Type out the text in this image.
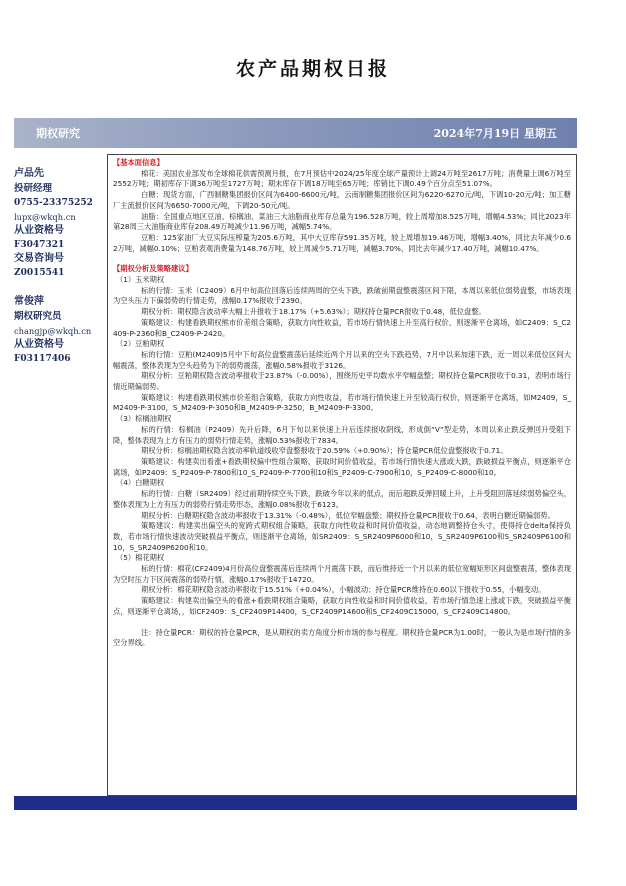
农产品期权日报
期权研究	2024年7月19日 星期五
卢品先
投研经理
0755-23375252
lupx@wkqh.cn
从业资格号
F3047321
交易咨询号
Z0015541
常俊萍
期权研究员
changjp@wkqh.cn
从业资格号
F03117406
【基本面信息】
棉花：美国农业部发布全球棉花供需预测月报，在7月预估中2024/25年度全球产量预计上调24万吨至2617万吨；消费量上调6万吨至2552万吨；期初库存下调36万吨至1727万吨；期末库存下调18万吨至65万吨；库销比下调0.49个百分点至51.07%。
白糖：现货方面，广西制糖集团报价区间为6400-6600元/吨，云南制糖集团报价区间为6220-6270元/吨，下调10-20元/吨；加工糖厂主流报价区间为6650-7000元/吨，下调20-50元/吨。
油脂：全国重点地区豆油、棕榈油、菜油三大油脂商业库存总量为196.528万吨，较上周增加8.525万吨，增幅4.53%；同比2023年第28周三大油脂商业库存208.49万吨减少11.96万吨，减幅5.74%。
豆粕：125家油厂大豆实际压榨量为205.6万吨，其中大豆库存591.35万吨，较上周增加19.46万吨，增幅3.40%，同比去年减少0.62万吨，减幅0.10%；豆粕表观消费量为148.76万吨，较上周减少5.71万吨，减幅3.70%，同比去年减少17.40万吨，减幅10.47%。
【期权分析及策略建议】
（1）玉米期权
标的行情：玉米（C2409）6月中旬高位回落后连续两周的空头下跌，跌破前期盘整震荡区间下限，本周以来低位弱势盘整，市场表现为空头压力下偏弱势的行情走势，涨幅0.17%报收于2390。
期权分析：期权隐含波动率大幅上升报收于18.17%（+5.63%）；期权持仓量PCR报收于0.48，低位盘整。
策略建议：构建看跌期权熊市价差组合策略，获取方向性收益，若市场行情快速上升至高行权价，则逐渐平仓离场，如C2409：S_C2409-P-2360和B_C2409-P-2420。
（2）豆粕期权
标的行情：豆粕(M2409)5月中下旬高位盘整震荡后延续近两个月以来的空头下跌趋势，7月中以来加速下跌，近一周以来低位区间大幅震荡，整体表现为空头趋势为下的弱势震荡，涨幅0.58%报收于3126。
期权分析：豆粕期权隐含波动率报收于23.87%（-0.00%），围绕历史平均数水平窄幅盘整；期权持仓量PCR报收于0.31，表明市场行情近期偏弱势。
策略建议：构建看跌期权熊市价差组合策略，获取方向性收益，若市场行情快速上升至较高行权价，则逐渐平仓离场，如M2409，S_M2409-P-3100，S_M2409-P-3050和B_M2409-P-3250，B_M2409-P-3300。
（3）棕榈油期权
标的行情：棕榈油（P2409）先升后降，6月下旬以来快速上升后连续报收阴线，形成倒“V”型走势，本周以来止跌反弹回升受阻下降，整体表现为上方有压力的弱势行情走势，涨幅0.53%报收于7834。
期权分析：棕榈油期权隐含波动率轨道线收窄盘整报收于20.59%（+0.90%）；持仓量PCR低位盘整报收于0.71。
策略建议：构建卖出看涨+看跌期权偏中性组合策略，获取时间价值收益，若市场行情快速大涨或大跌，跌破损益平衡点，则逐渐平仓离场，如P2409：S_P2409-P-7800和10_S_P2409-P-7700和10和S_P2409-C-7900和10，S_P2409-C-8000和10。
（4）白糖期权
标的行情：白糖（SR2409）经过前期持续空头下跌，跌破今年以来的低点，而后超跌反弹回暖上升，上升受阻回落延续弱势偏空头，整体表现为上方有压力的弱势行情走势形态，涨幅0.08%报收于6123。
期权分析：白糖期权隐含波动率报收于13.31%（-0.48%），低位窄幅盘整；期权持仓量PCR报收于0.64，表明白糖近期偏弱势。
策略建议：构建卖出偏空头的宽跨式期权组合策略，获取方向性收益和时间价值收益，动态地调整持仓头寸，使得持仓delta保持负数，若市场行情快速波动突破损益平衡点，则逐渐平仓离场，如SR2409：S_SR2409P6000和10，S_SR2409P6100和S_SR2409P6100和10，S_SR2409P6200和10。
（5）棉花期权
标的行情：棉花(CF2409)4月份高位盘整震荡后连续两个月震荡下跌，而后维持近一个月以来的低位宽幅矩形区间盘整震荡，整体表现为空时压力下区间震荡的弱势行情，涨幅0.17%报收于14720。
期权分析：棉花期权隐含波动率报收于15.51%（+0.04%），小幅波动；持仓量PCR维持在0.60以下报收于0.55，小幅变动。
策略建议：构建卖出偏空头的看涨+看跌期权组合策略，获取方向性收益和时间价值收益，若市场行情急速上涨或下跌，突破损益平衡点，则逐渐平仓离场，，如CF2409：S_CF2409P14400，S_CF2409P14600和S_CF2409C15000，S_CF2409C14800。
注：持仓量PCR：期权的持仓量PCR，是从期权的卖方角度分析市场的参与程度。期权持仓量PCR为1.00时，一般认为是市场行情的多空分界线。
